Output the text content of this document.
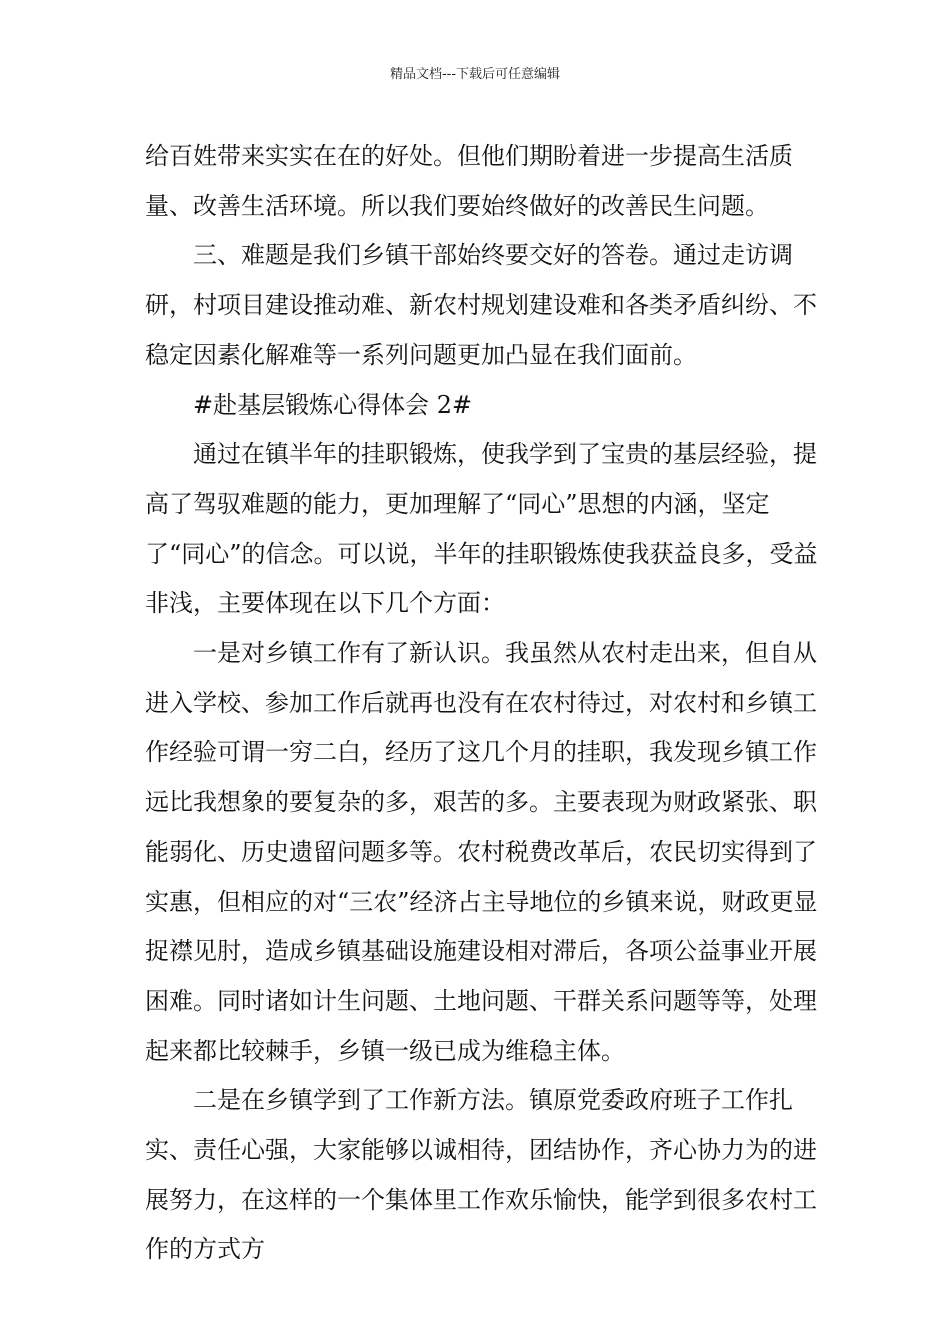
精品文档---下载后可任意编辑

给百姓带来实实在在的好处。但他们期盼着进一步提高生活质量、改善生活环境。所以我们要始终做好的改善民生问题。

三、难题是我们乡镇干部始终要交好的答卷。通过走访调研，村项目建设推动难、新农村规划建设难和各类矛盾纠纷、不稳定因素化解难等一系列问题更加凸显在我们面前。

#赴基层锻炼心得体会 2#

通过在镇半年的挂职锻炼，使我学到了宝贵的基层经验，提高了驾驭难题的能力，更加理解了“同心”思想的内涵，坚定了“同心”的信念。可以说，半年的挂职锻炼使我获益良多，受益非浅，主要体现在以下几个方面：

一是对乡镇工作有了新认识。我虽然从农村走出来，但自从进入学校、参加工作后就再也没有在农村待过，对农村和乡镇工作经验可谓一穷二白，经历了这几个月的挂职，我发现乡镇工作远比我想象的要复杂的多，艰苦的多。主要表现为财政紧张、职能弱化、历史遗留问题多等。农村税费改革后，农民切实得到了实惠，但相应的对“三农”经济占主导地位的乡镇来说，财政更显捉襟见肘，造成乡镇基础设施建设相对滞后，各项公益事业开展困难。同时诸如计生问题、土地问题、干群关系问题等等，处理起来都比较棘手，乡镇一级已成为维稳主体。

二是在乡镇学到了工作新方法。镇原党委政府班子工作扎实、责任心强，大家能够以诚相待，团结协作，齐心协力为的进展努力，在这样的一个集体里工作欢乐愉快，能学到很多农村工作的方式方
